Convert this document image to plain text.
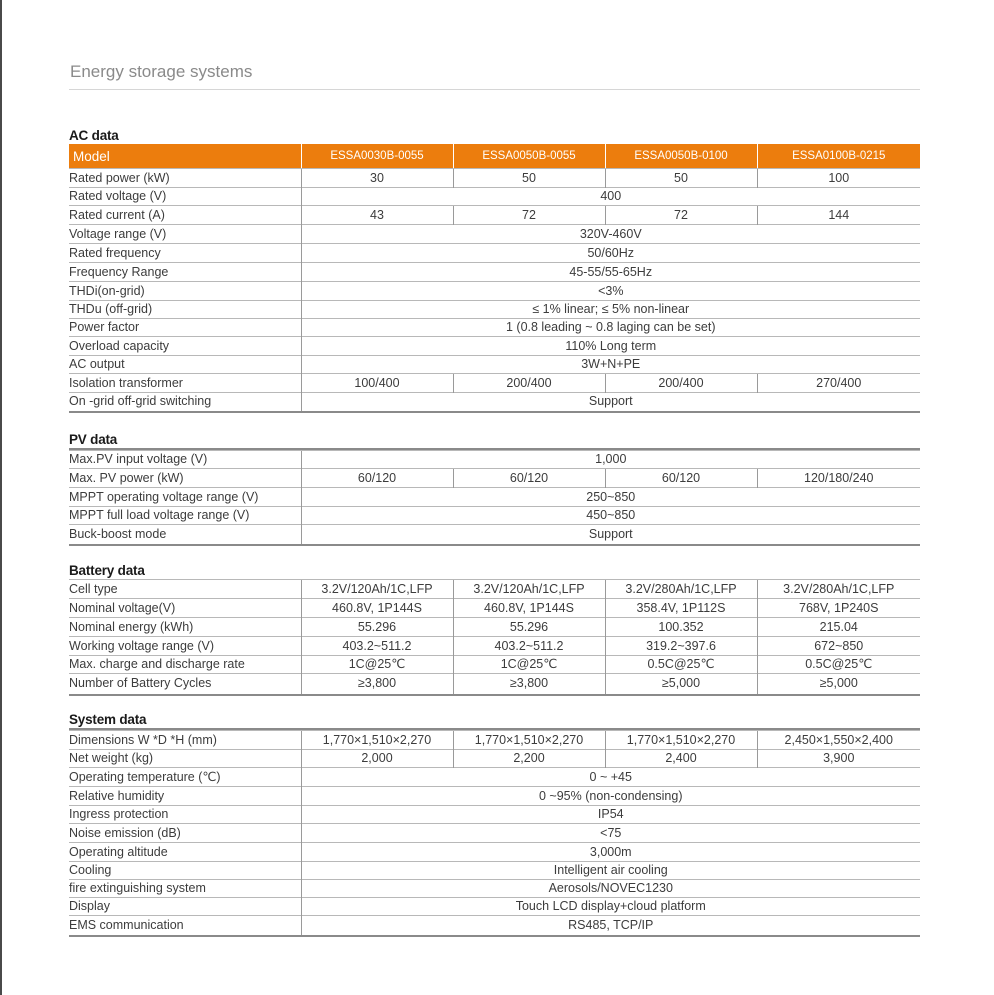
Energy storage systems
AC data
Model	ESSA0030B-0055	ESSA0050B-0055	ESSA0050B-0100	ESSA0100B-0215
Rated power (kW)	30	50	50	100
Rated voltage (V)	400			
Rated current (A)	43	72	72	144
Voltage range (V)	320V-460V			
Rated frequency	50/60Hz			
Frequency Range	45-55/55-65Hz			
THDi(on-grid)	<3%			
THDu (off-grid)	≤ 1% linear; ≤ 5% non-linear			
Power factor	1 (0.8 leading ~ 0.8 laging can be set)			
Overload capacity	110% Long term			
AC output	3W+N+PE			
Isolation transformer	100/400	200/400	200/400	270/400
On -grid off-grid switching	Support			
PV data
Max.PV input voltage (V)	1,000			
Max. PV power (kW)	60/120	60/120	60/120	120/180/240
MPPT operating voltage range (V)	250~850			
MPPT full load voltage range (V)	450~850			
Buck-boost mode	Support			
Battery data
Cell type	3.2V/120Ah/1C,LFP	3.2V/120Ah/1C,LFP	3.2V/280Ah/1C,LFP	3.2V/280Ah/1C,LFP
Nominal voltage(V)	460.8V, 1P144S	460.8V, 1P144S	358.4V, 1P112S	768V, 1P240S
Nominal energy (kWh)	55.296	55.296	100.352	215.04
Working voltage range (V)	403.2~511.2	403.2~511.2	319.2~397.6	672~850
Max. charge and discharge rate	1C@25℃	1C@25℃	0.5C@25℃	0.5C@25℃
Number of Battery Cycles	≥3,800	≥3,800	≥5,000	≥5,000
System data
Dimensions W *D *H (mm)	1,770×1,510×2,270	1,770×1,510×2,270	1,770×1,510×2,270	2,450×1,550×2,400
Net weight (kg)	2,000	2,200	2,400	3,900
Operating temperature (℃)	0 ~ +45			
Relative humidity	0 ~95% (non-condensing)			
Ingress protection	IP54			
Noise emission (dB)	<75			
Operating altitude	3,000m			
Cooling	Intelligent air cooling			
fire extinguishing system	Aerosols/NOVEC1230			
Display	Touch LCD display+cloud platform			
EMS communication	RS485, TCP/IP			
